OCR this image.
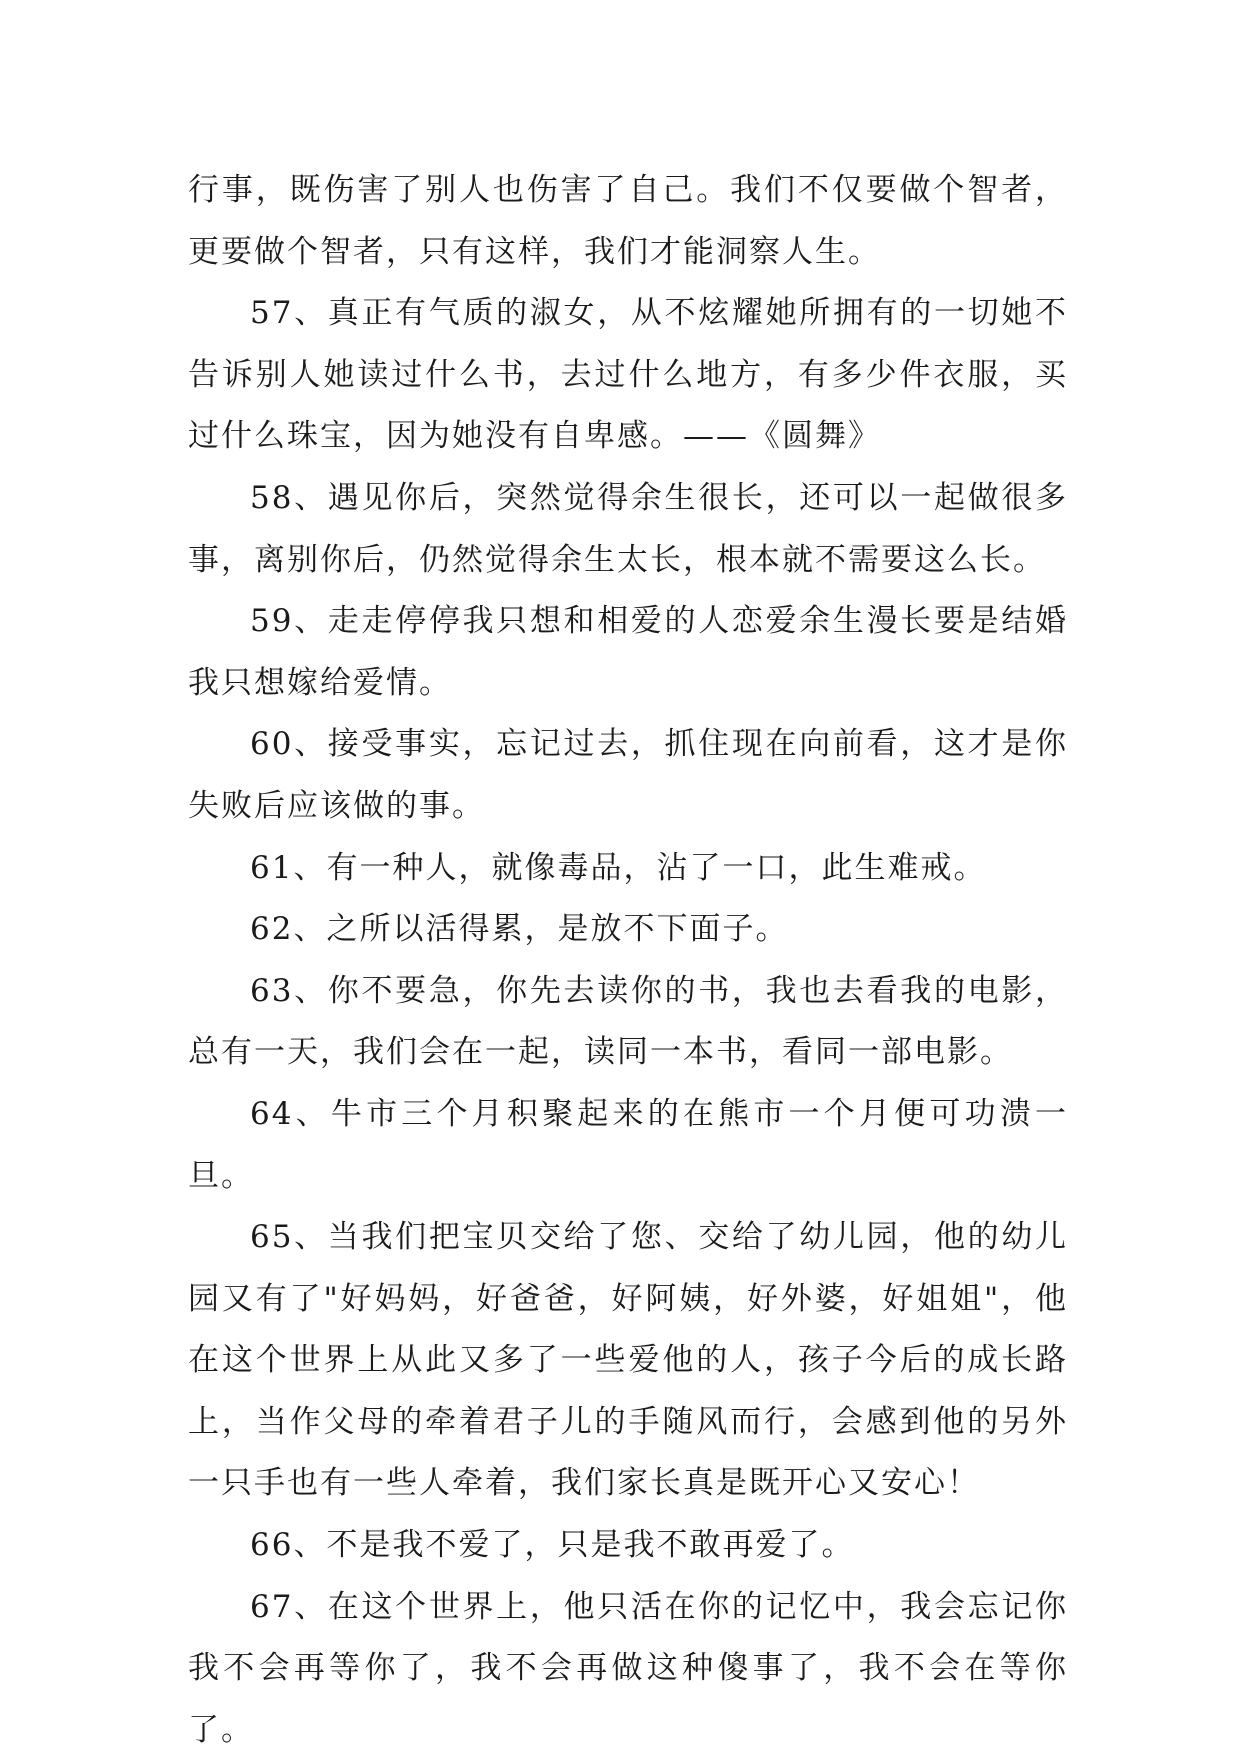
行事，既伤害了别人也伤害了自己。我们不仅要做个智者，更要做个智者，只有这样，我们才能洞察人生。

57、真正有气质的淑女，从不炫耀她所拥有的一切她不告诉别人她读过什么书，去过什么地方，有多少件衣服，买过什么珠宝，因为她没有自卑感。——《圆舞》

58、遇见你后，突然觉得余生很长，还可以一起做很多事，离别你后，仍然觉得余生太长，根本就不需要这么长。

59、走走停停我只想和相爱的人恋爱余生漫长要是结婚我只想嫁给爱情。

60、接受事实，忘记过去，抓住现在向前看，这才是你失败后应该做的事。

61、有一种人，就像毒品，沾了一口，此生难戒。

62、之所以活得累，是放不下面子。

63、你不要急，你先去读你的书，我也去看我的电影，总有一天，我们会在一起，读同一本书，看同一部电影。

64、牛市三个月积聚起来的在熊市一个月便可功溃一旦。

65、当我们把宝贝交给了您、交给了幼儿园，他的幼儿园又有了"好妈妈，好爸爸，好阿姨，好外婆，好姐姐"，他在这个世界上从此又多了一些爱他的人，孩子今后的成长路上，当作父母的牵着君子儿的手随风而行，会感到他的另外一只手也有一些人牵着，我们家长真是既开心又安心！

66、不是我不爱了，只是我不敢再爱了。

67、在这个世界上，他只活在你的记忆中，我会忘记你我不会再等你了，我不会再做这种傻事了，我不会在等你了。
